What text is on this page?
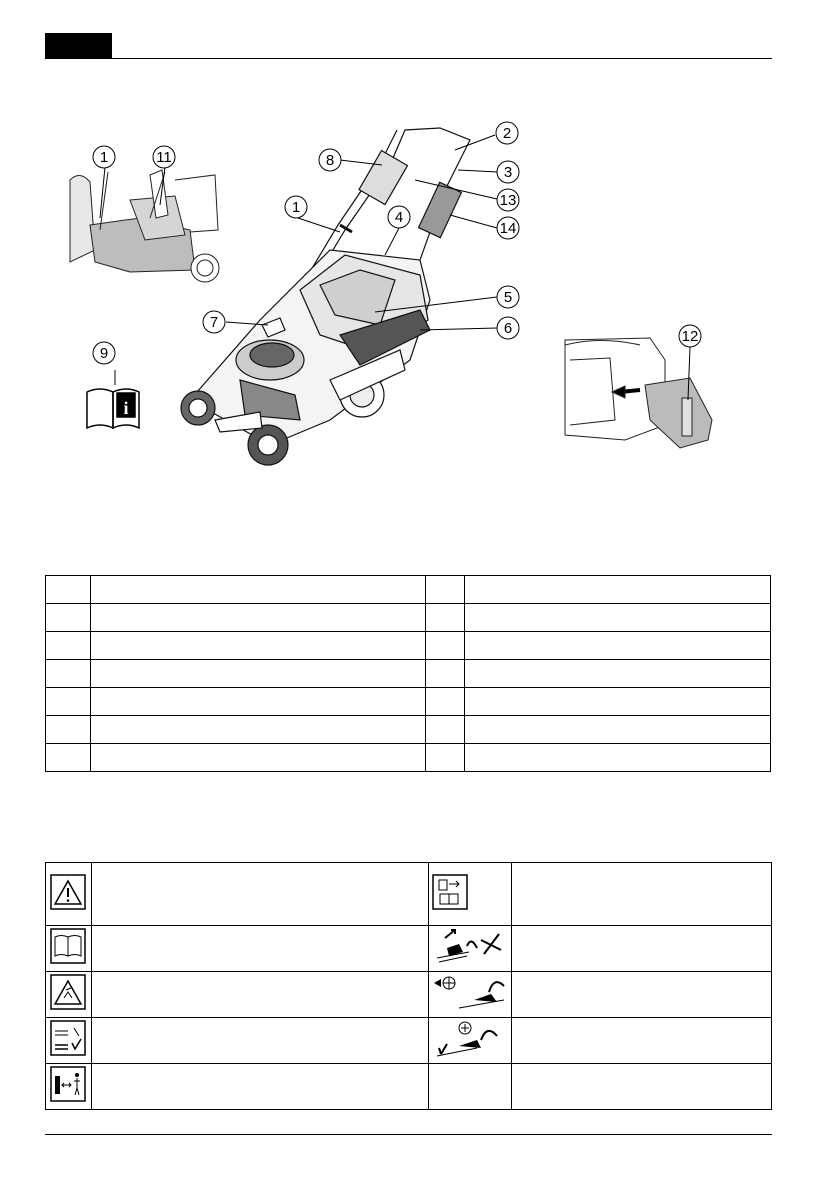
i
1	11	8
2
3
1	13
4
14
5
7	6
9
12
